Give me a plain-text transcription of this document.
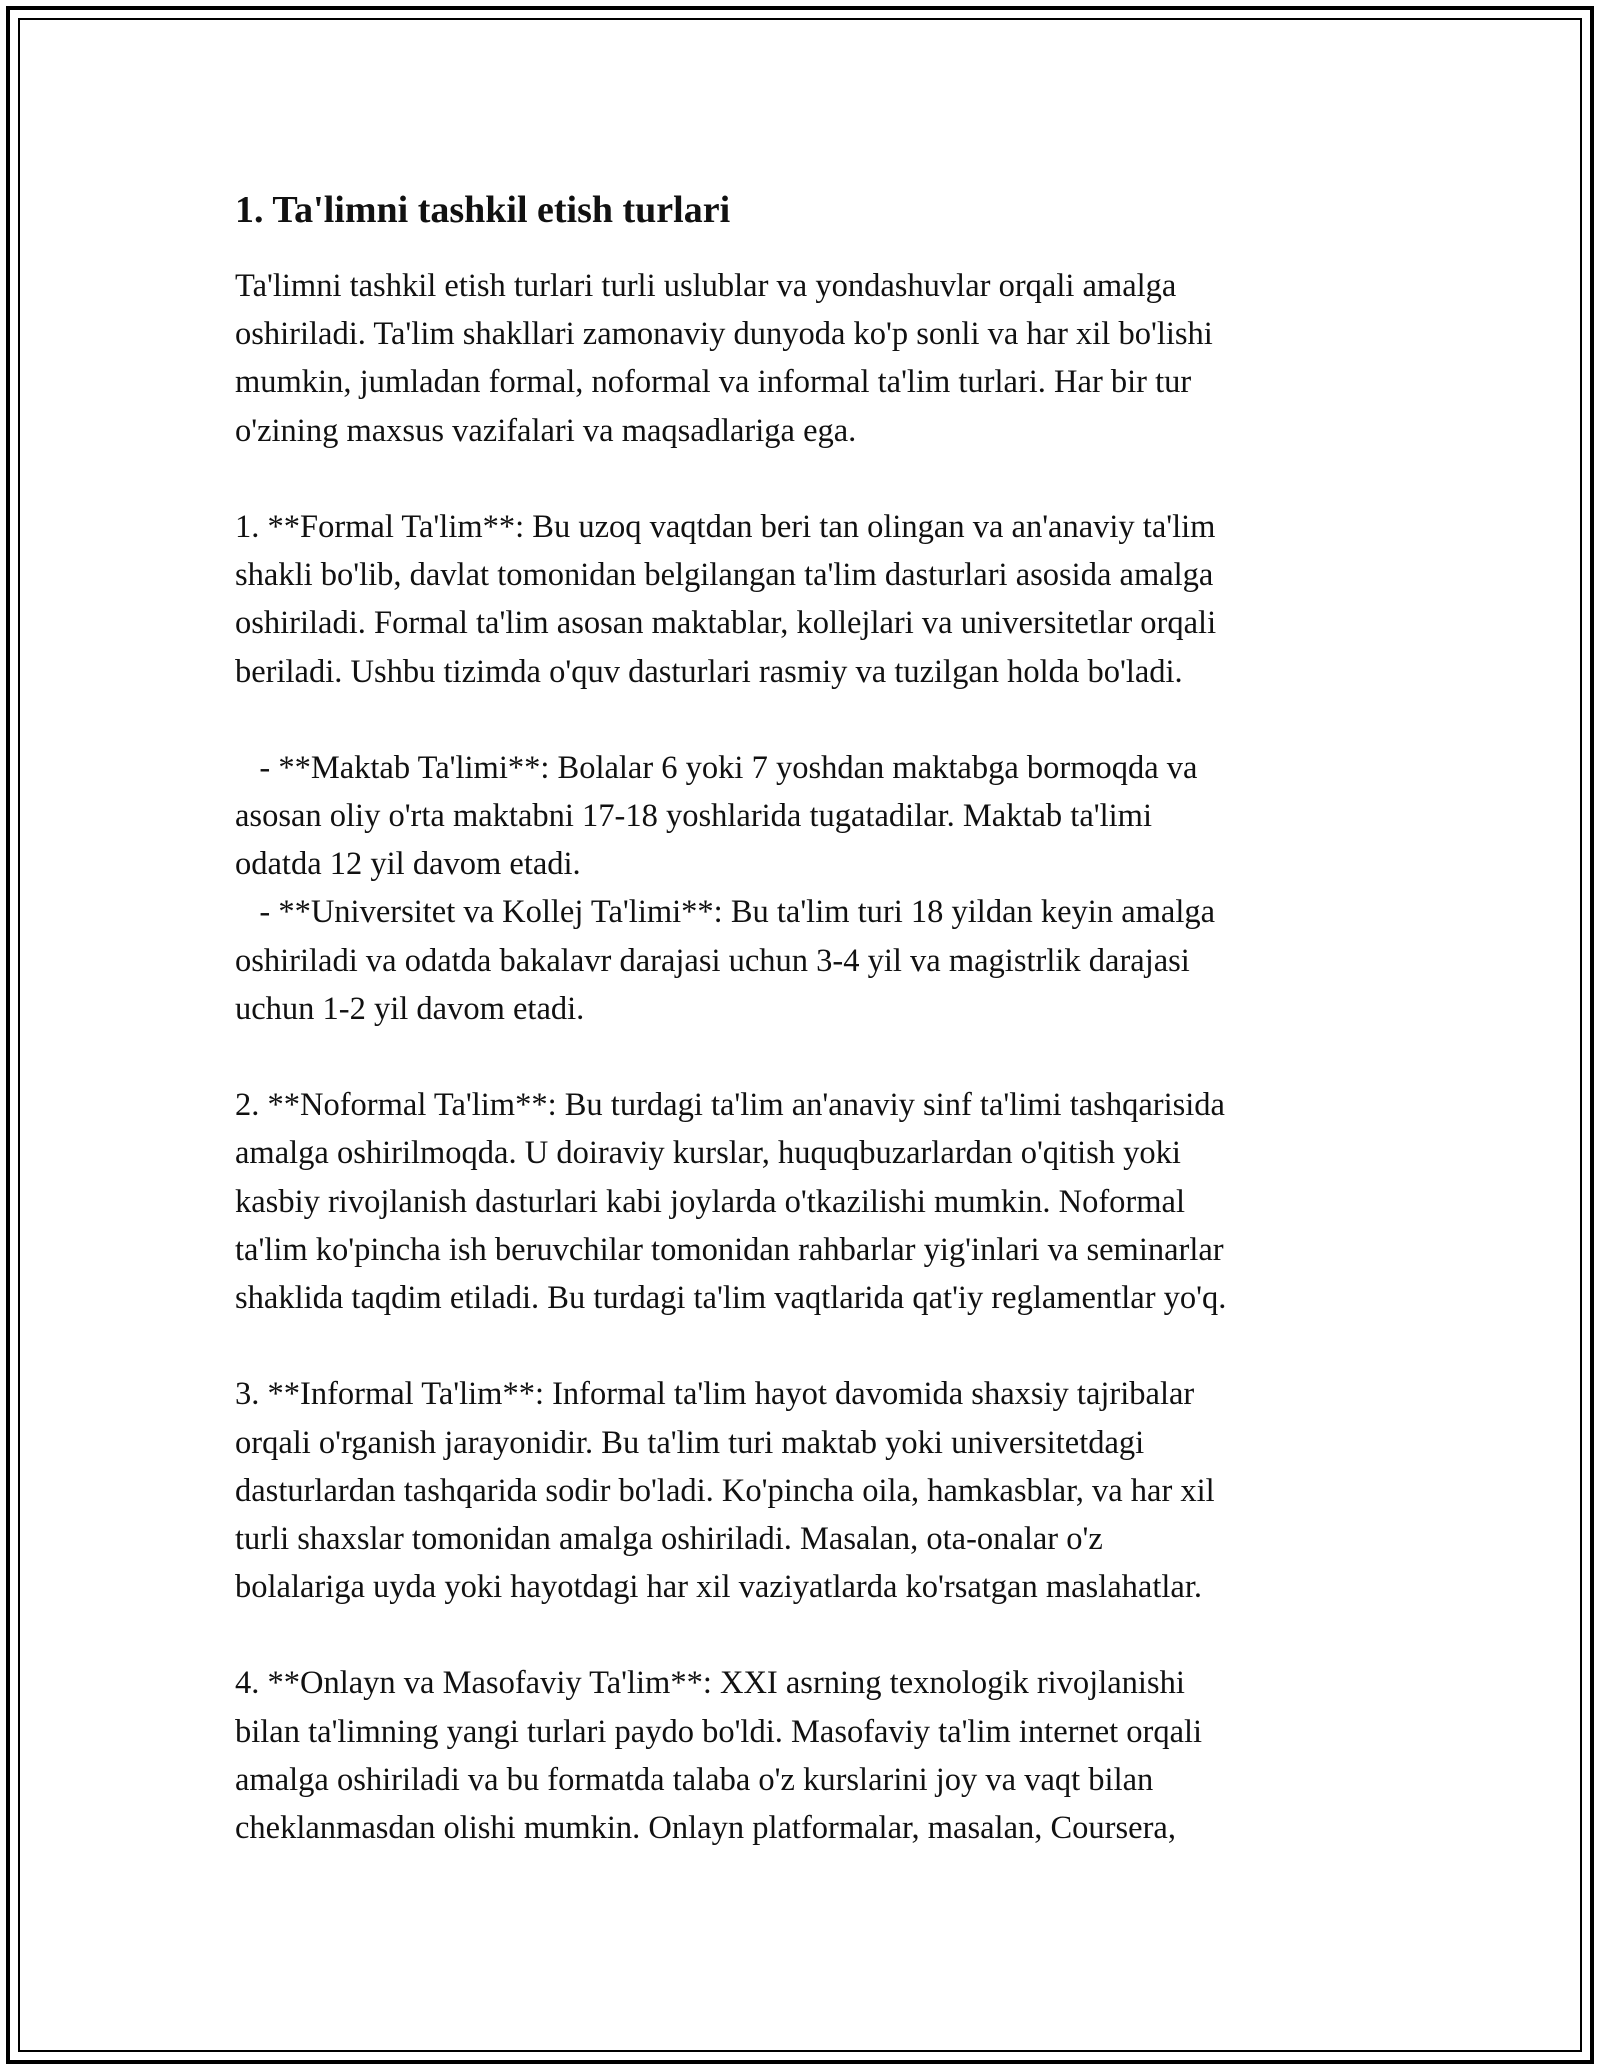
1. Ta'limni tashkil etish turlari

Ta'limni tashkil etish turlari turli uslublar va yondashuvlar orqali amalga

oshiriladi. Ta'lim shakllari zamonaviy dunyoda ko'p sonli va har xil bo'lishi

mumkin, jumladan formal, noformal va informal ta'lim turlari. Har bir tur

o'zining maxsus vazifalari va maqsadlariga ega.

1. **Formal Ta'lim**: Bu uzoq vaqtdan beri tan olingan va an'anaviy ta'lim

shakli bo'lib, davlat tomonidan belgilangan ta'lim dasturlari asosida amalga

oshiriladi. Formal ta'lim asosan maktablar, kollejlari va universitetlar orqali

beriladi. Ushbu tizimda o'quv dasturlari rasmiy va tuzilgan holda bo'ladi.

- **Maktab Ta'limi**: Bolalar 6 yoki 7 yoshdan maktabga bormoqda va

asosan oliy o'rta maktabni 17-18 yoshlarida tugatadilar. Maktab ta'limi

odatda 12 yil davom etadi.

- **Universitet va Kollej Ta'limi**: Bu ta'lim turi 18 yildan keyin amalga

oshiriladi va odatda bakalavr darajasi uchun 3-4 yil va magistrlik darajasi

uchun 1-2 yil davom etadi.

2. **Noformal Ta'lim**: Bu turdagi ta'lim an'anaviy sinf ta'limi tashqarisida

amalga oshirilmoqda. U doiraviy kurslar, huquqbuzarlardan o'qitish yoki

kasbiy rivojlanish dasturlari kabi joylarda o'tkazilishi mumkin. Noformal

ta'lim ko'pincha ish beruvchilar tomonidan rahbarlar yig'inlari va seminarlar

shaklida taqdim etiladi. Bu turdagi ta'lim vaqtlarida qat'iy reglamentlar yo'q.

3. **Informal Ta'lim**: Informal ta'lim hayot davomida shaxsiy tajribalar

orqali o'rganish jarayonidir. Bu ta'lim turi maktab yoki universitetdagi

dasturlardan tashqarida sodir bo'ladi. Ko'pincha oila, hamkasblar, va har xil

turli shaxslar tomonidan amalga oshiriladi. Masalan, ota-onalar o'z

bolalariga uyda yoki hayotdagi har xil vaziyatlarda ko'rsatgan maslahatlar.

4. **Onlayn va Masofaviy Ta'lim**: XXI asrning texnologik rivojlanishi

bilan ta'limning yangi turlari paydo bo'ldi. Masofaviy ta'lim internet orqali

amalga oshiriladi va bu formatda talaba o'z kurslarini joy va vaqt bilan

cheklanmasdan olishi mumkin. Onlayn platformalar, masalan, Coursera,
